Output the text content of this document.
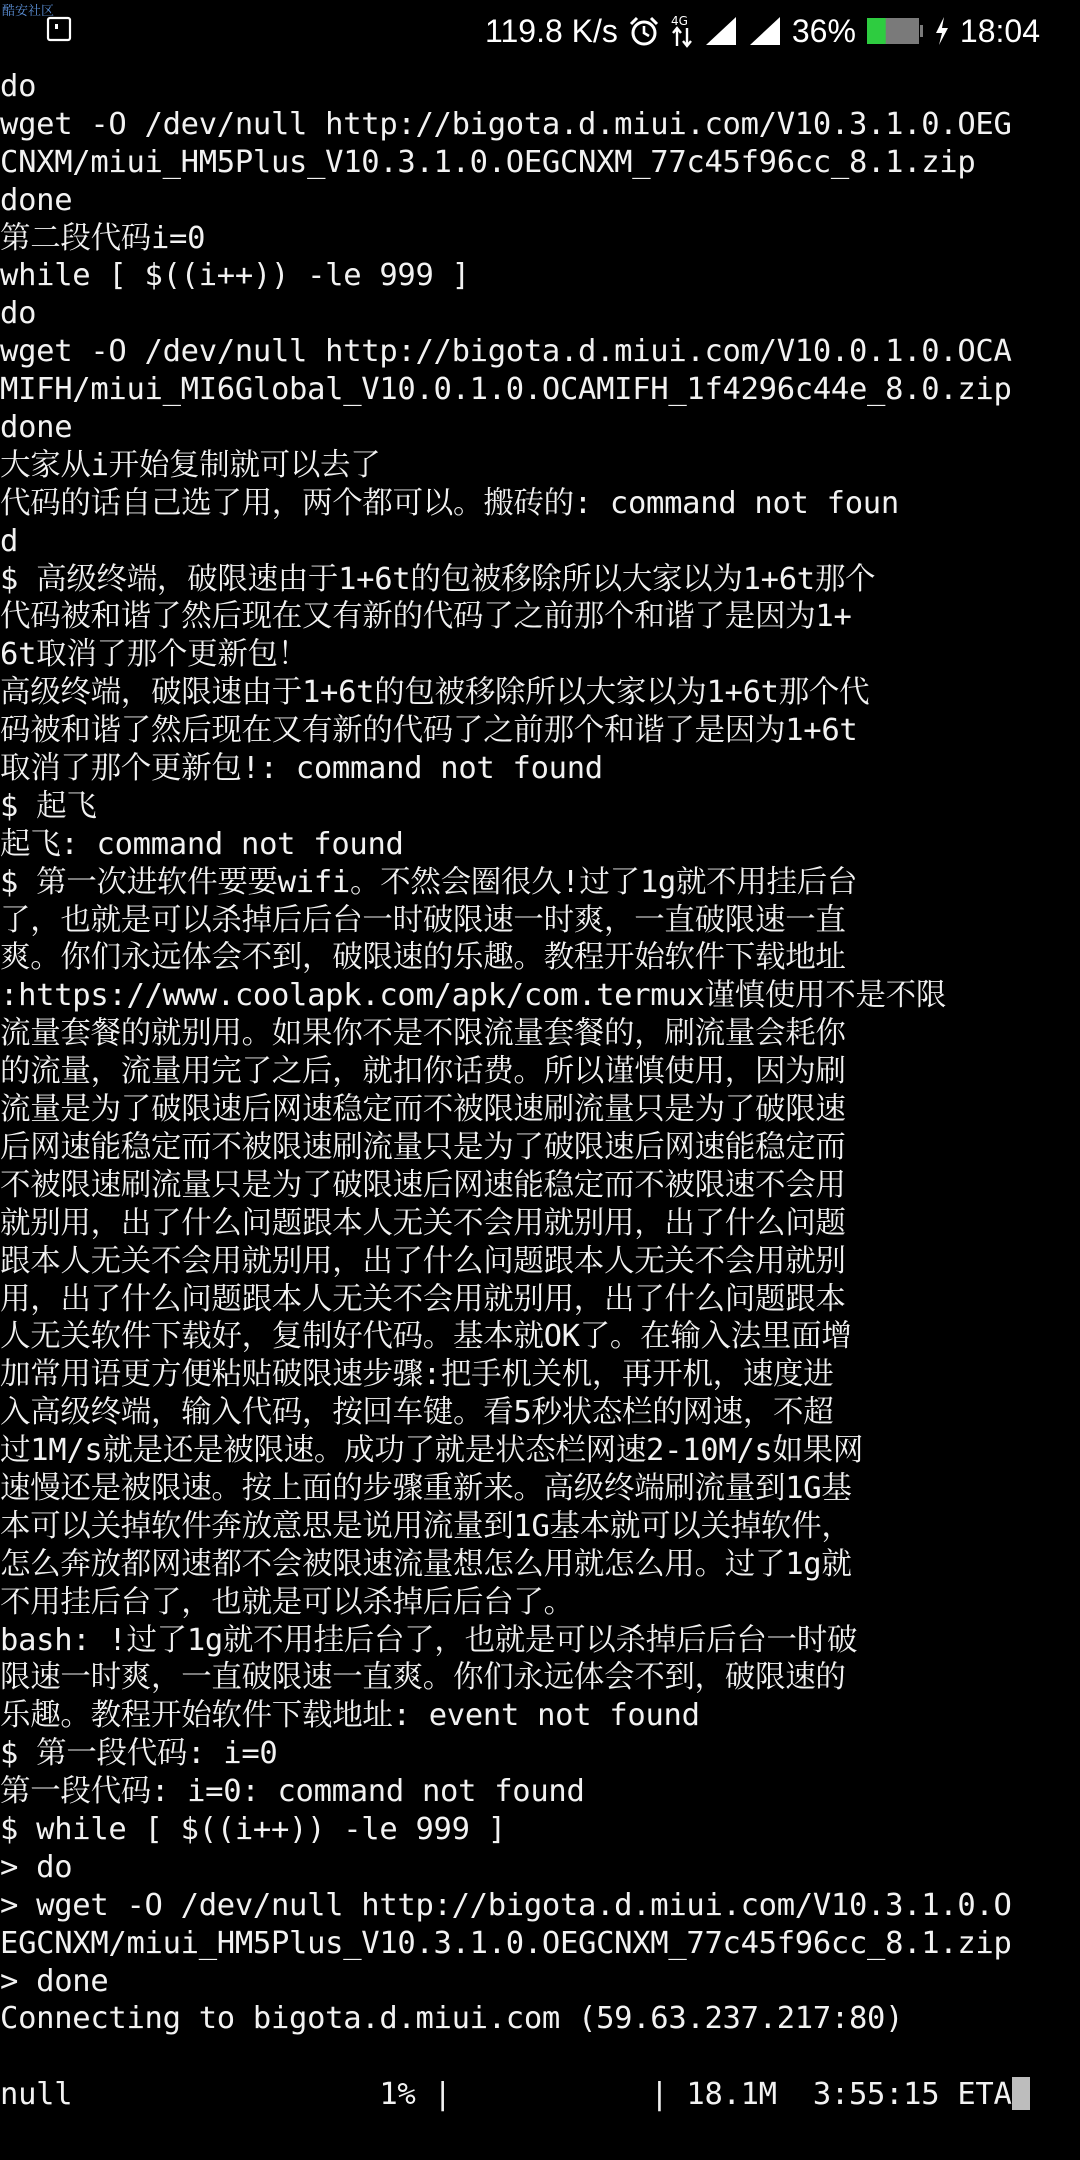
酷安社区
119.8 K/s	4G	36%	18:04
do
wget -O /dev/null http://bigota.d.miui.com/V10.3.1.0.OEG
CNXM/miui_HM5Plus_V10.3.1.0.OEGCNXM_77c45f96cc_8.1.zip
done
第二段代码i=0
while [ $((i++)) -le 999 ]
do
wget -O /dev/null http://bigota.d.miui.com/V10.0.1.0.OCA
MIFH/miui_MI6Global_V10.0.1.0.OCAMIFH_1f4296c44e_8.0.zip
done
大家从i开始复制就可以去了
代码的话自己选了用，两个都可以。搬砖的: command not foun
d
$ 高级终端，破限速由于1+6t的包被移除所以大家以为1+6t那个
代码被和谐了然后现在又有新的代码了之前那个和谐了是因为1+
6t取消了那个更新包！
高级终端，破限速由于1+6t的包被移除所以大家以为1+6t那个代
码被和谐了然后现在又有新的代码了之前那个和谐了是因为1+6t
取消了那个更新包!: command not found
$ 起飞
起飞: command not found
$ 第一次进软件要要wifi。不然会圈很久!过了1g就不用挂后台
了，也就是可以杀掉后后台一时破限速一时爽，一直破限速一直
爽。你们永远体会不到，破限速的乐趣。教程开始软件下载地址
:https://www.coolapk.com/apk/com.termux谨慎使用不是不限
流量套餐的就别用。如果你不是不限流量套餐的，刷流量会耗你
的流量，流量用完了之后，就扣你话费。所以谨慎使用，因为刷
流量是为了破限速后网速稳定而不被限速刷流量只是为了破限速
后网速能稳定而不被限速刷流量只是为了破限速后网速能稳定而
不被限速刷流量只是为了破限速后网速能稳定而不被限速不会用
就别用，出了什么问题跟本人无关不会用就别用，出了什么问题
跟本人无关不会用就别用，出了什么问题跟本人无关不会用就别
用，出了什么问题跟本人无关不会用就别用，出了什么问题跟本
人无关软件下载好，复制好代码。基本就OK了。在输入法里面增
加常用语更方便粘贴破限速步骤:把手机关机，再开机，速度进
入高级终端，输入代码，按回车键。看5秒状态栏的网速，不超
过1M/s就是还是被限速。成功了就是状态栏网速2-10M/s如果网
速慢还是被限速。按上面的步骤重新来。高级终端刷流量到1G基
本可以关掉软件奔放意思是说用流量到1G基本就可以关掉软件，
怎么奔放都网速都不会被限速流量想怎么用就怎么用。过了1g就
不用挂后台了，也就是可以杀掉后后台了。
bash: !过了1g就不用挂后台了，也就是可以杀掉后后台一时破
限速一时爽，一直破限速一直爽。你们永远体会不到，破限速的
乐趣。教程开始软件下载地址: event not found
$ 第一段代码: i=0
第一段代码: i=0: command not found
$ while [ $((i++)) -le 999 ]
> do
> wget -O /dev/null http://bigota.d.miui.com/V10.3.1.0.O
EGCNXM/miui_HM5Plus_V10.3.1.0.OEGCNXM_77c45f96cc_8.1.zip
> done
Connecting to bigota.d.miui.com (59.63.237.217:80)
null                 1% |           | 18.1M  3:55:15 ETA
